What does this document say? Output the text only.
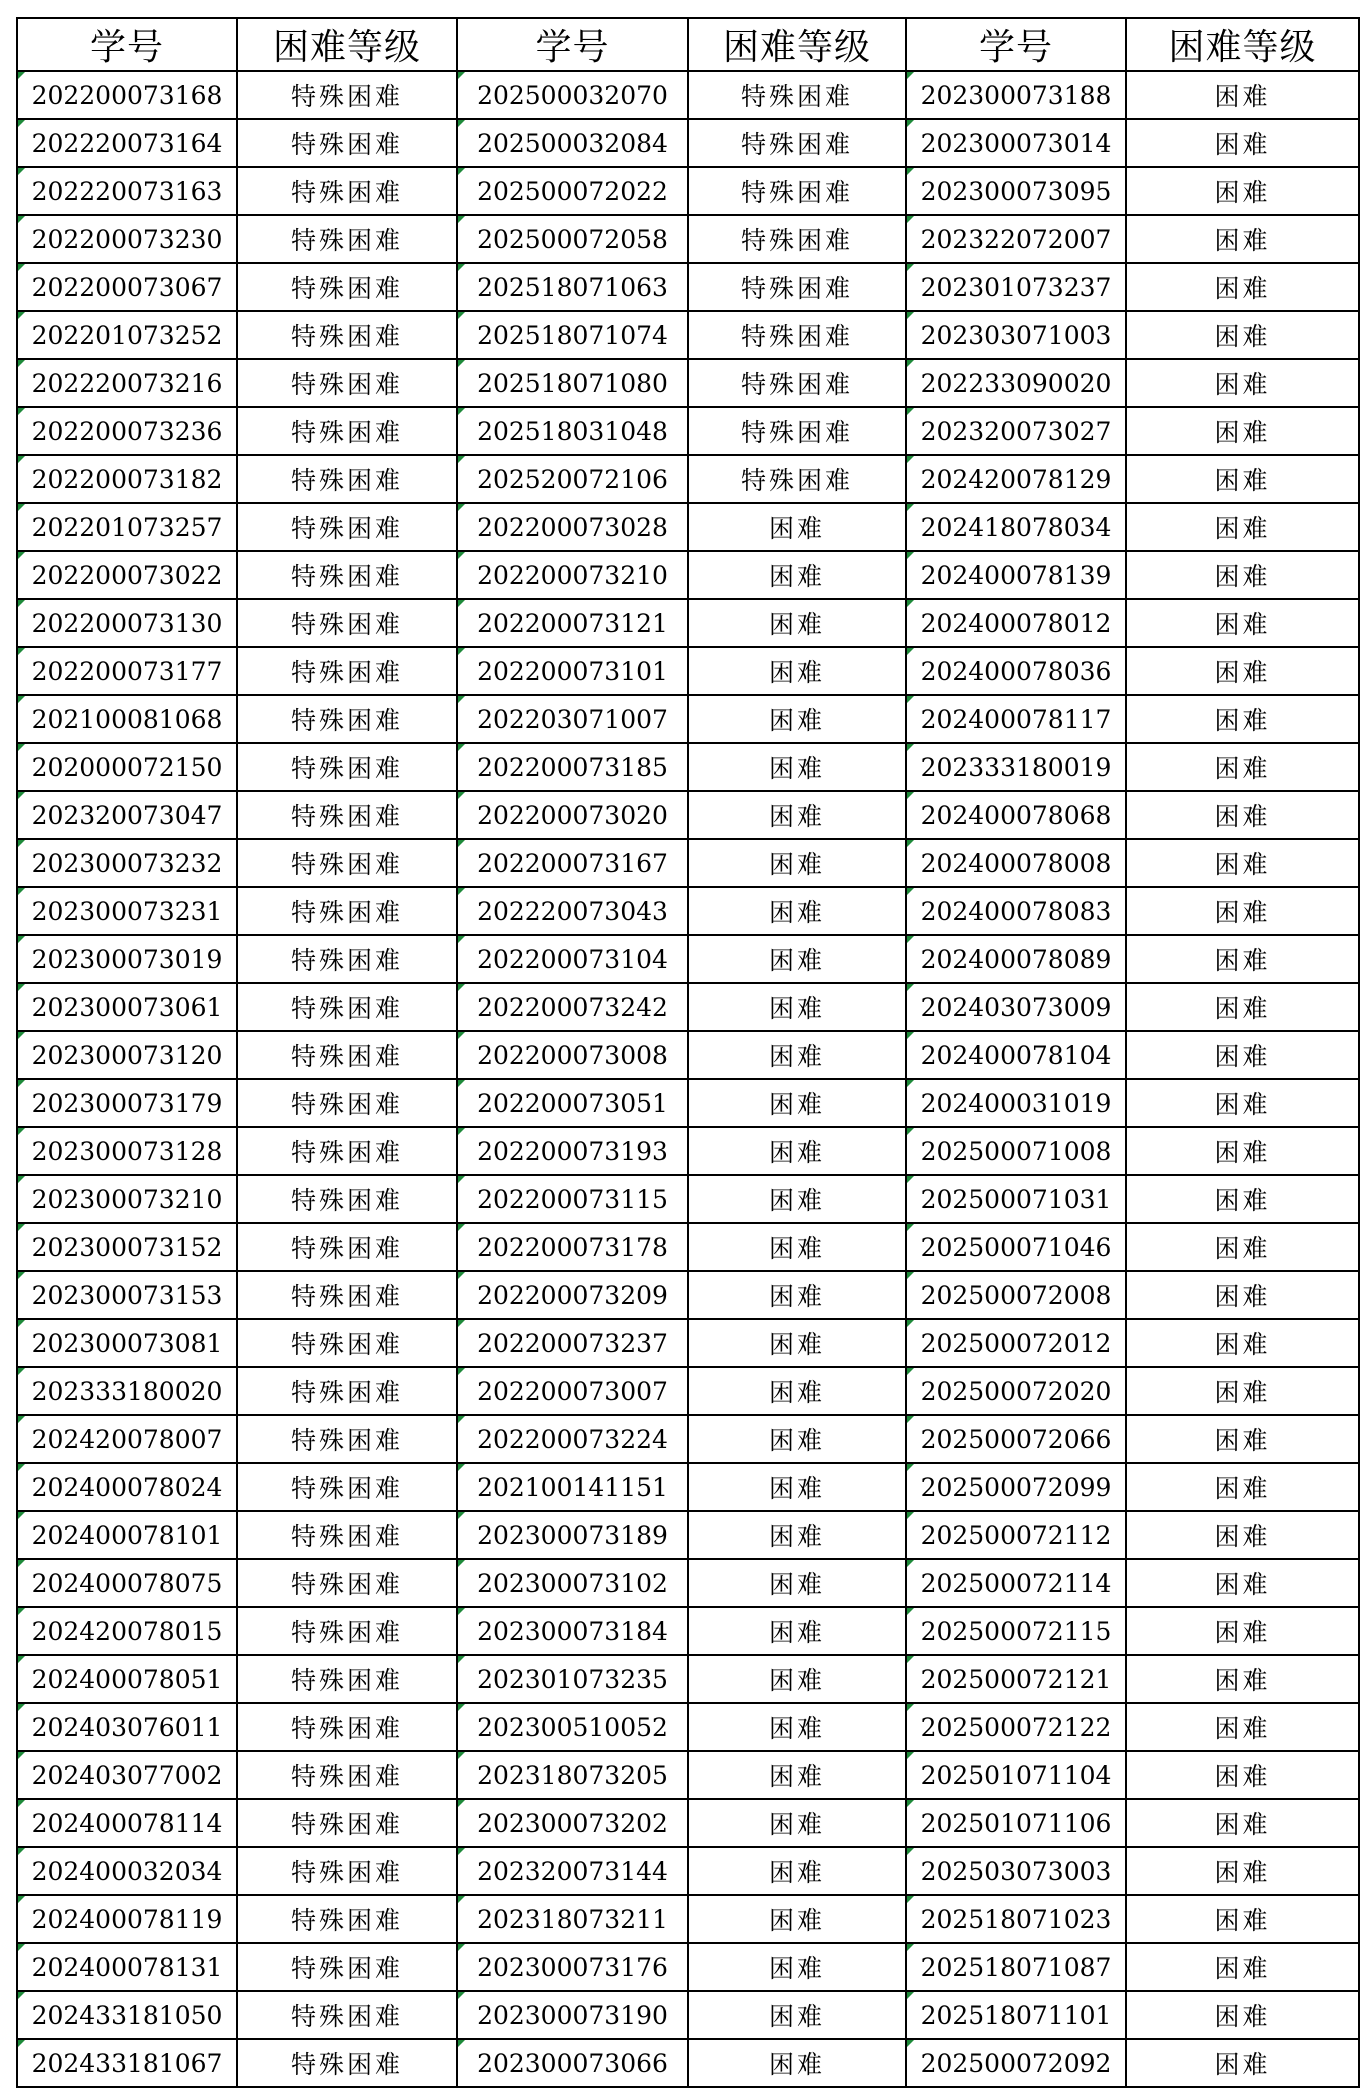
学号	困难等级	学号	困难等级	学号	困难等级
202200073168	特殊困难	202500032070	特殊困难	202300073188	困难
202220073164	特殊困难	202500032084	特殊困难	202300073014	困难
202220073163	特殊困难	202500072022	特殊困难	202300073095	困难
202200073230	特殊困难	202500072058	特殊困难	202322072007	困难
202200073067	特殊困难	202518071063	特殊困难	202301073237	困难
202201073252	特殊困难	202518071074	特殊困难	202303071003	困难
202220073216	特殊困难	202518071080	特殊困难	202233090020	困难
202200073236	特殊困难	202518031048	特殊困难	202320073027	困难
202200073182	特殊困难	202520072106	特殊困难	202420078129	困难
202201073257	特殊困难	202200073028	困难	202418078034	困难
202200073022	特殊困难	202200073210	困难	202400078139	困难
202200073130	特殊困难	202200073121	困难	202400078012	困难
202200073177	特殊困难	202200073101	困难	202400078036	困难
202100081068	特殊困难	202203071007	困难	202400078117	困难
202000072150	特殊困难	202200073185	困难	202333180019	困难
202320073047	特殊困难	202200073020	困难	202400078068	困难
202300073232	特殊困难	202200073167	困难	202400078008	困难
202300073231	特殊困难	202220073043	困难	202400078083	困难
202300073019	特殊困难	202200073104	困难	202400078089	困难
202300073061	特殊困难	202200073242	困难	202403073009	困难
202300073120	特殊困难	202200073008	困难	202400078104	困难
202300073179	特殊困难	202200073051	困难	202400031019	困难
202300073128	特殊困难	202200073193	困难	202500071008	困难
202300073210	特殊困难	202200073115	困难	202500071031	困难
202300073152	特殊困难	202200073178	困难	202500071046	困难
202300073153	特殊困难	202200073209	困难	202500072008	困难
202300073081	特殊困难	202200073237	困难	202500072012	困难
202333180020	特殊困难	202200073007	困难	202500072020	困难
202420078007	特殊困难	202200073224	困难	202500072066	困难
202400078024	特殊困难	202100141151	困难	202500072099	困难
202400078101	特殊困难	202300073189	困难	202500072112	困难
202400078075	特殊困难	202300073102	困难	202500072114	困难
202420078015	特殊困难	202300073184	困难	202500072115	困难
202400078051	特殊困难	202301073235	困难	202500072121	困难
202403076011	特殊困难	202300510052	困难	202500072122	困难
202403077002	特殊困难	202318073205	困难	202501071104	困难
202400078114	特殊困难	202300073202	困难	202501071106	困难
202400032034	特殊困难	202320073144	困难	202503073003	困难
202400078119	特殊困难	202318073211	困难	202518071023	困难
202400078131	特殊困难	202300073176	困难	202518071087	困难
202433181050	特殊困难	202300073190	困难	202518071101	困难
202433181067	特殊困难	202300073066	困难	202500072092	困难
